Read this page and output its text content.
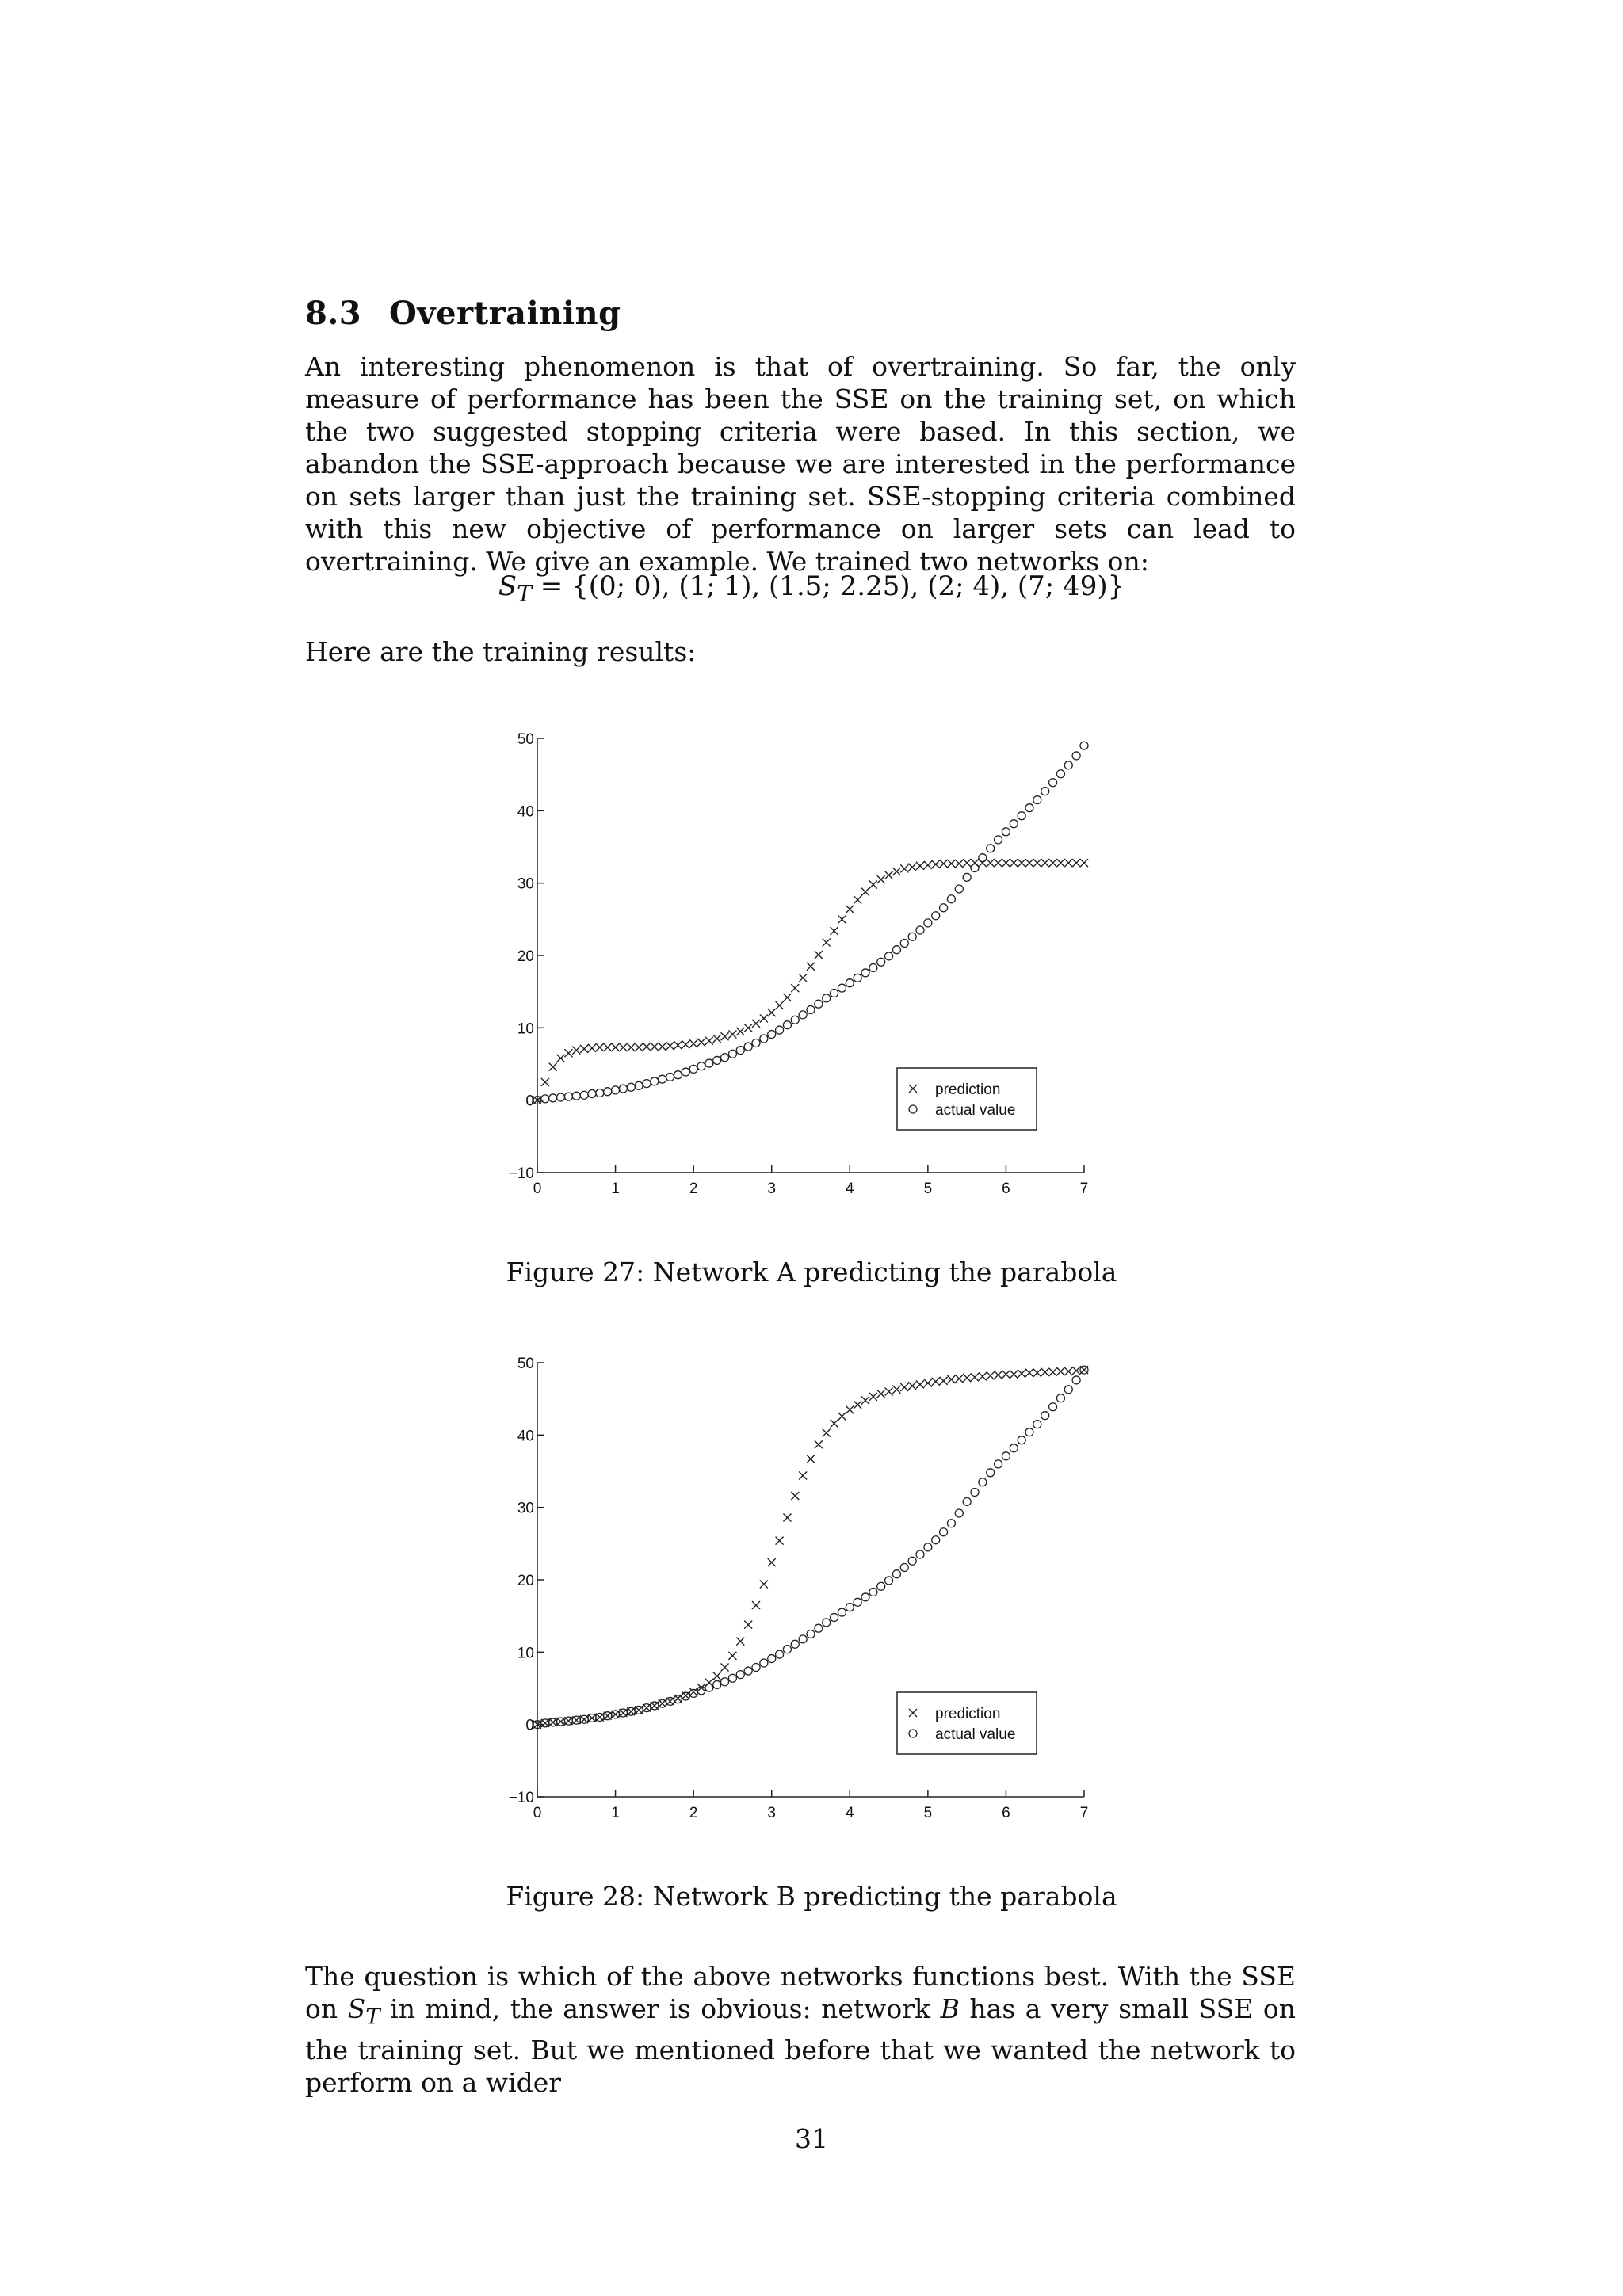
8.3 Overtraining
An interesting phenomenon is that of overtraining. So far, the only measure of performance has been the SSE on the training set, on which the two suggested stopping criteria were based. In this section, we abandon the SSE-approach because we are interested in the performance on sets larger than just the training set. SSE-stopping criteria combined with this new objective of performance on larger sets can lead to overtraining. We give an example. We trained two networks on:
$S_T = \{(0$; 0), (1; 1), (1.5; 2.25), (2; 4), (7; 49)}
Here are the training results:
0	1	2	3	4	5	6	7
−10
0
10
20
30
40
50
prediction
actual value
Figure 27: Network A predicting the parabola
0	1	2	3	4	5	6	7
−10
0
10
20
30
40
50
prediction
actual value
Figure 28: Network B predicting the parabola
The question is which of the above networks functions best. With the SSE on $S_T$ in mind, the answer is obvious: network B has a very small SSE on the training set. But we mentioned before that we wanted the network to perform on a wider
31
